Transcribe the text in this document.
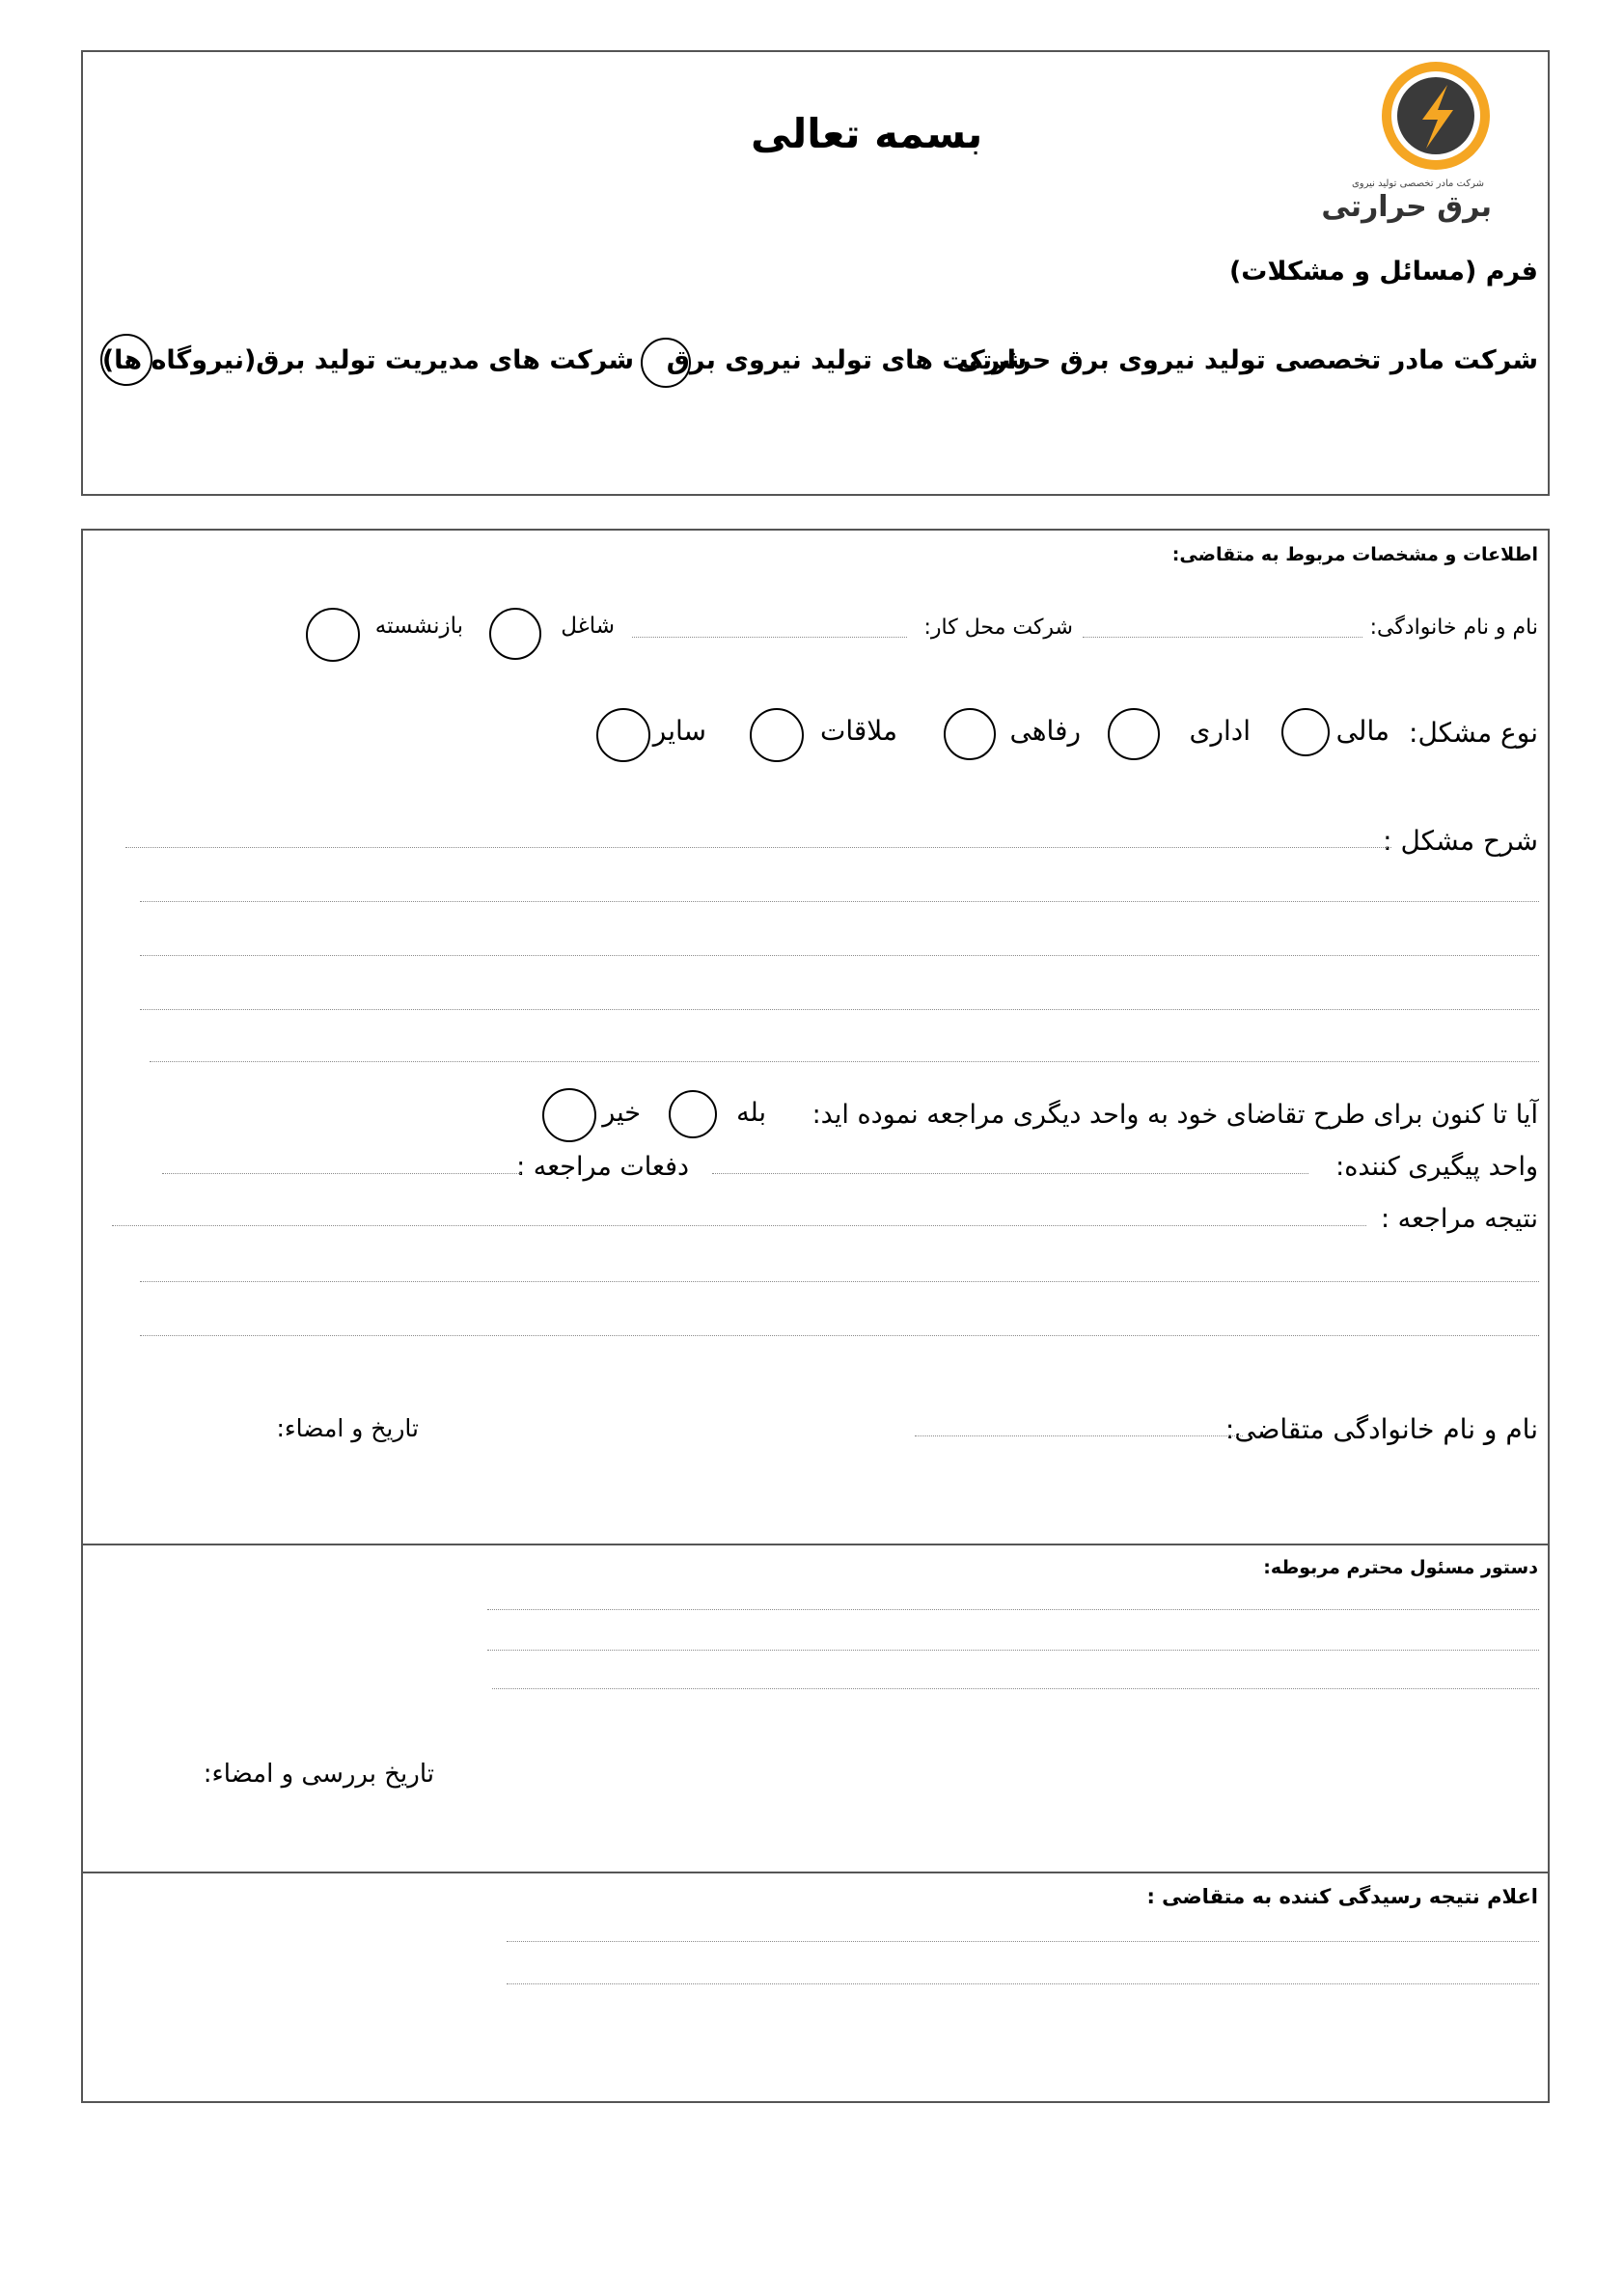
بسمه تعالی
شرکت مادر تخصصی تولید نیروی
برق حرارتی
فرم (مسائل و مشکلات)
شرکت مادر تخصصی تولید نیروی برق حرارتی
شرکت های تولید نیروی برق
شرکت های مدیریت تولید برق(نیروگاه ها)
اطلاعات و مشخصات مربوط به متقاضی:
نام و نام خانوادگی:
شرکت محل کار:
شاغل
بازنشسته
نوع مشکل:
مالی
اداری
رفاهی
ملاقات
سایر
شرح مشکل :
آیا تا کنون برای طرح تقاضای خود به واحد دیگری مراجعه نموده اید:
بله
خیر
واحد پیگیری کننده:
دفعات مراجعه :
نتیجه مراجعه :
نام و نام خانوادگی متقاضی:
تاریخ و امضاء:
دستور مسئول محترم مربوطه:
تاریخ بررسی و امضاء:
اعلام نتیجه رسیدگی کننده به متقاضی :
